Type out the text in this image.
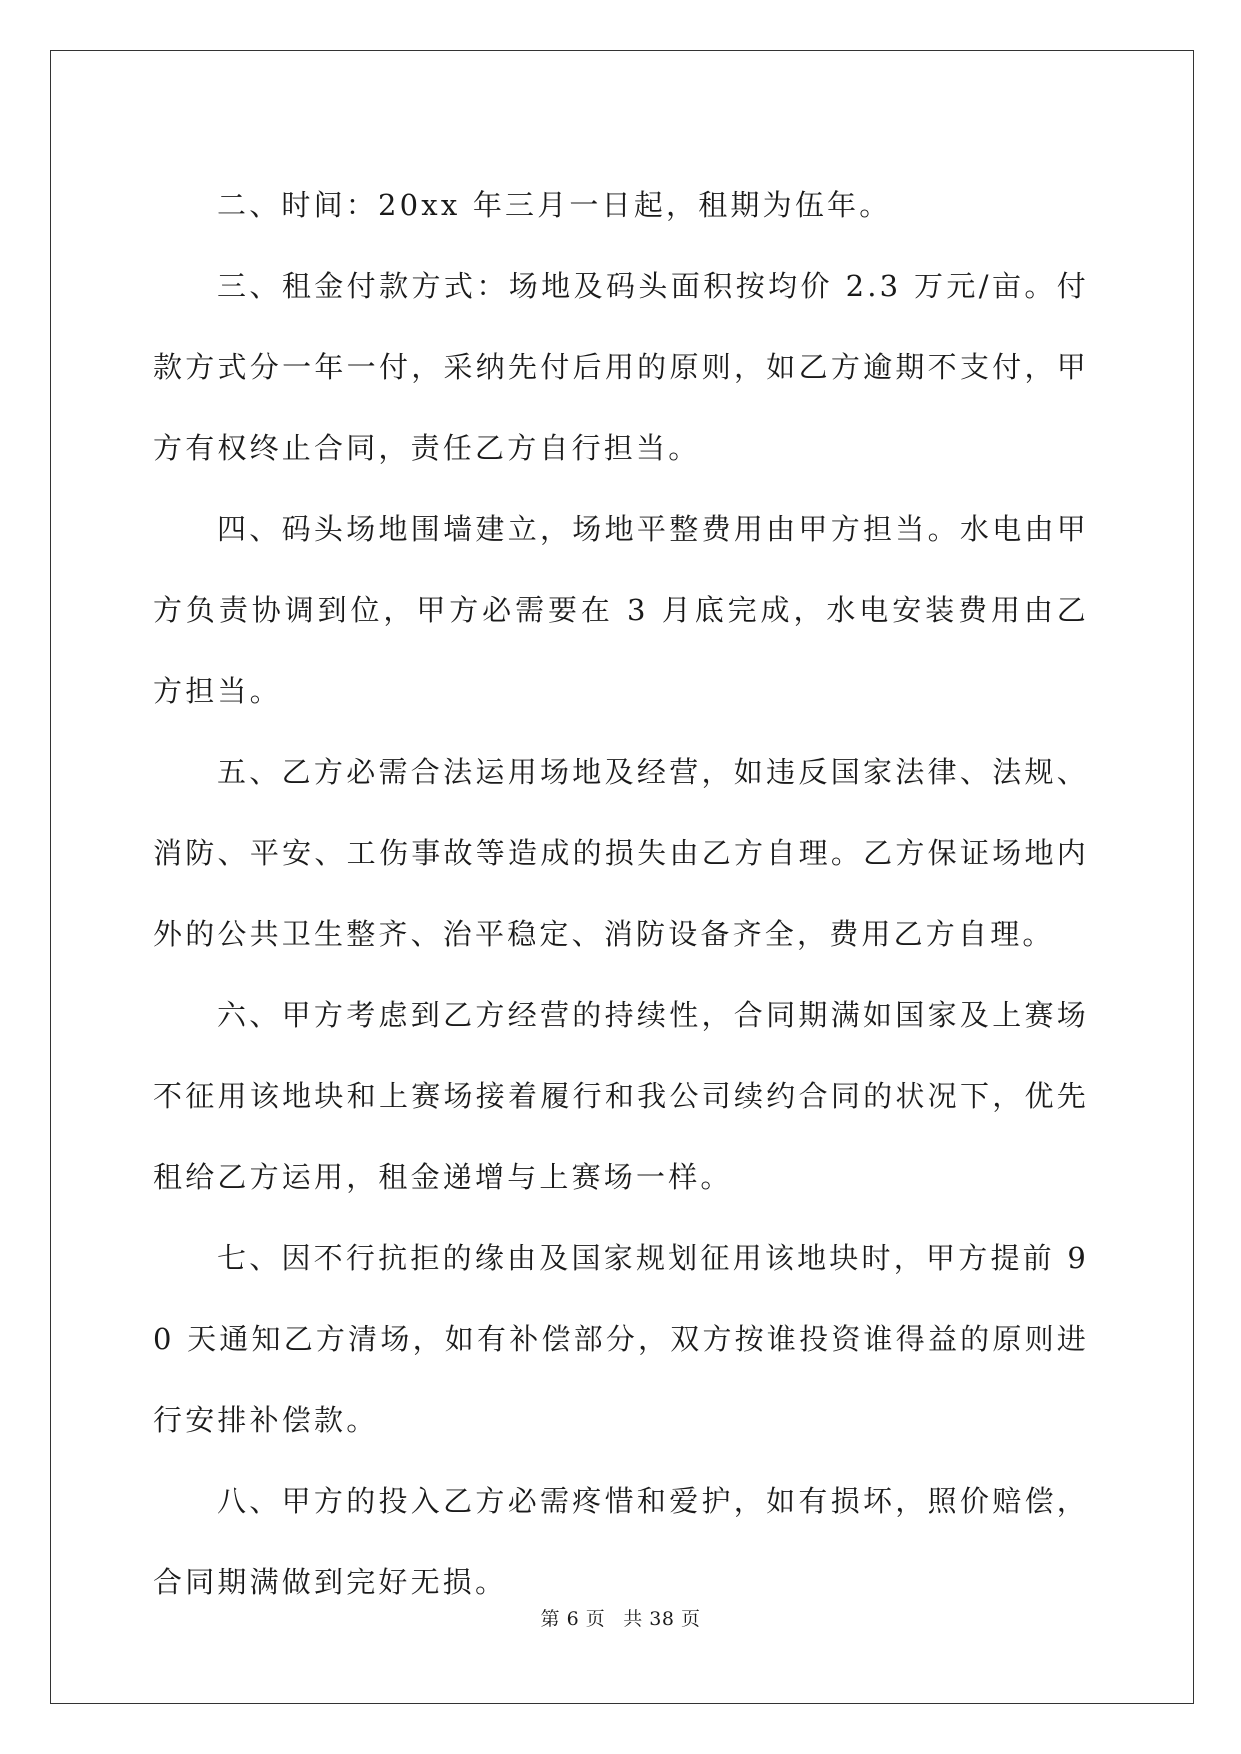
二、时间：20xx 年三月一日起，租期为伍年。

三、租金付款方式：场地及码头面积按均价 2.3 万元/亩。付款方式分一年一付，采纳先付后用的原则，如乙方逾期不支付，甲方有权终止合同，责任乙方自行担当。

四、码头场地围墙建立，场地平整费用由甲方担当。水电由甲方负责协调到位，甲方必需要在 3 月底完成，水电安装费用由乙方担当。

五、乙方必需合法运用场地及经营，如违反国家法律、法规、消防、平安、工伤事故等造成的损失由乙方自理。乙方保证场地内外的公共卫生整齐、治平稳定、消防设备齐全，费用乙方自理。

六、甲方考虑到乙方经营的持续性，合同期满如国家及上赛场不征用该地块和上赛场接着履行和我公司续约合同的状况下，优先租给乙方运用，租金递增与上赛场一样。

七、因不行抗拒的缘由及国家规划征用该地块时，甲方提前 90 天通知乙方清场，如有补偿部分，双方按谁投资谁得益的原则进行安排补偿款。

八、甲方的投入乙方必需疼惜和爱护，如有损坏，照价赔偿，合同期满做到完好无损。

第 6 页 共 38 页
